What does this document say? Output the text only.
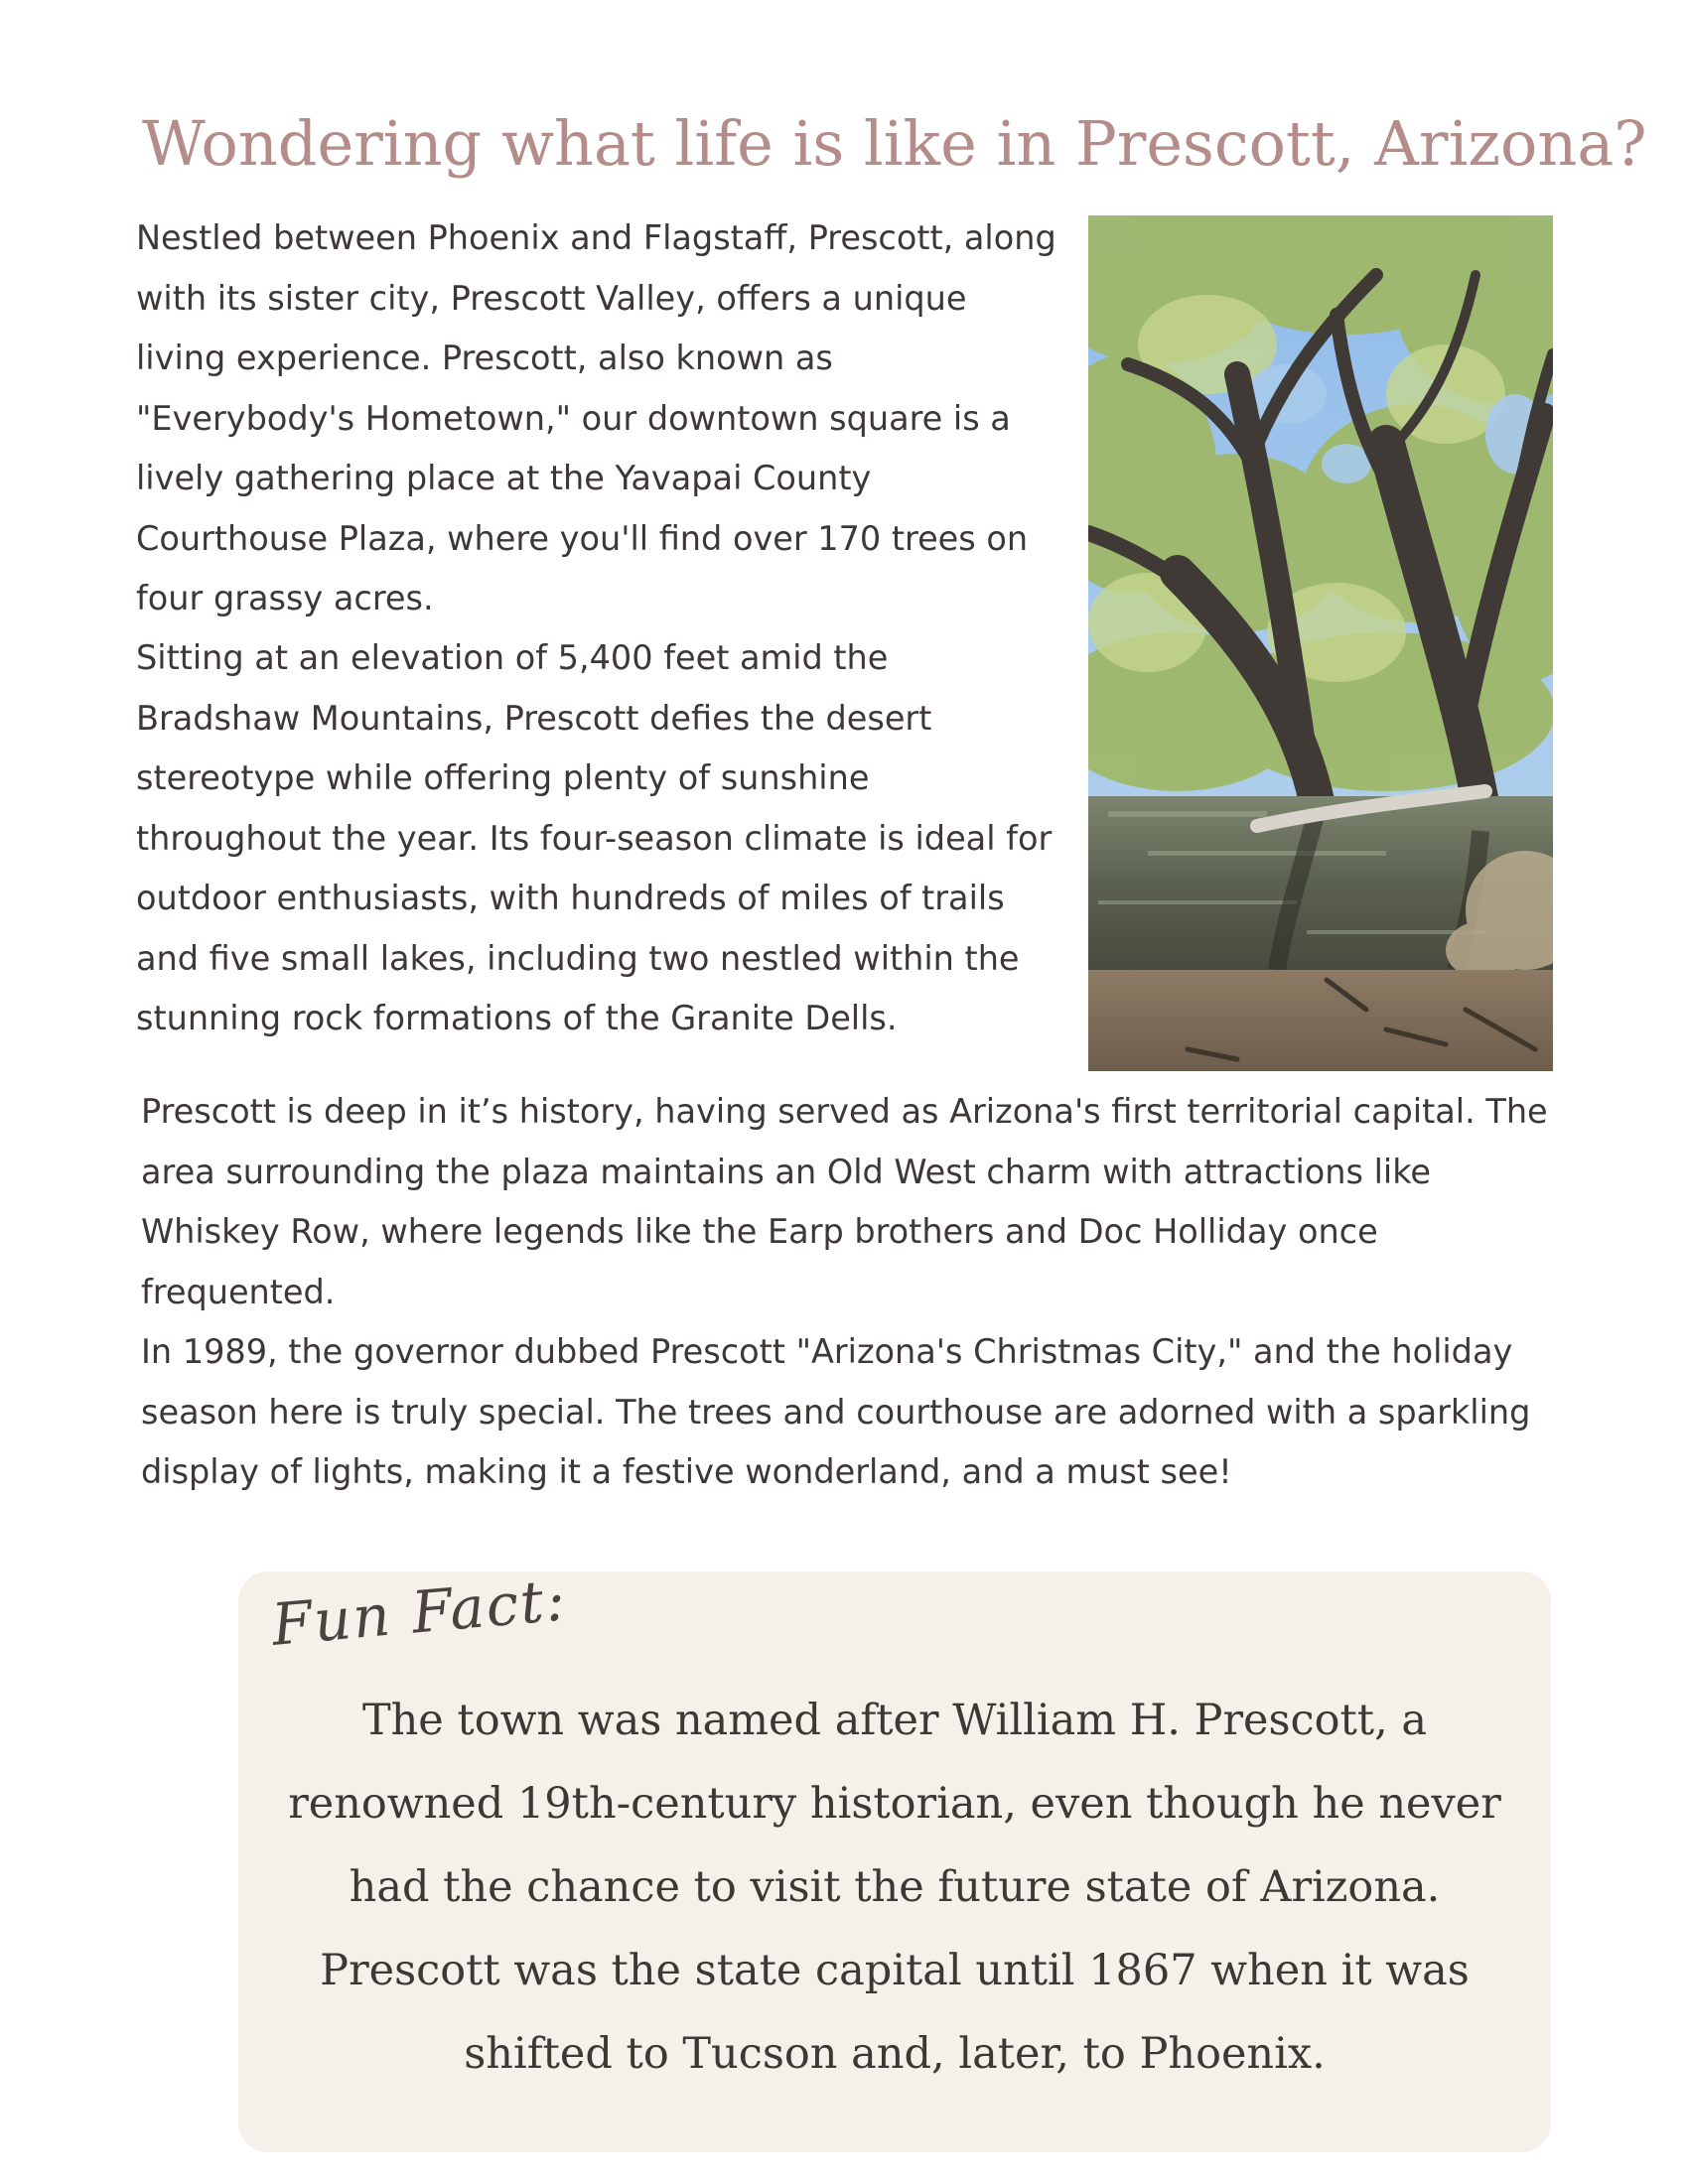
Wondering what life is like in Prescott, Arizona?

Nestled between Phoenix and Flagstaff, Prescott, along with its sister city, Prescott Valley, offers a unique living experience. Prescott, also known as "Everybody's Hometown," our downtown square is a lively gathering place at the Yavapai County Courthouse Plaza, where you'll find over 170 trees on four grassy acres.

Sitting at an elevation of 5,400 feet amid the Bradshaw Mountains, Prescott defies the desert stereotype while offering plenty of sunshine throughout the year. Its four-season climate is ideal for outdoor enthusiasts, with hundreds of miles of trails and five small lakes, including two nestled within the stunning rock formations of the Granite Dells.

Prescott is deep in it’s history, having served as Arizona's first territorial capital. The area surrounding the plaza maintains an Old West charm with attractions like Whiskey Row, where legends like the Earp brothers and Doc Holliday once frequented.

In 1989, the governor dubbed Prescott "Arizona's Christmas City," and the holiday season here is truly special. The trees and courthouse are adorned with a sparkling display of lights, making it a festive wonderland, and a must see!

Fun Fact:

The town was named after William H. Prescott, a renowned 19th-century historian, even though he never had the chance to visit the future state of Arizona. Prescott was the state capital until 1867 when it was shifted to Tucson and, later, to Phoenix.
